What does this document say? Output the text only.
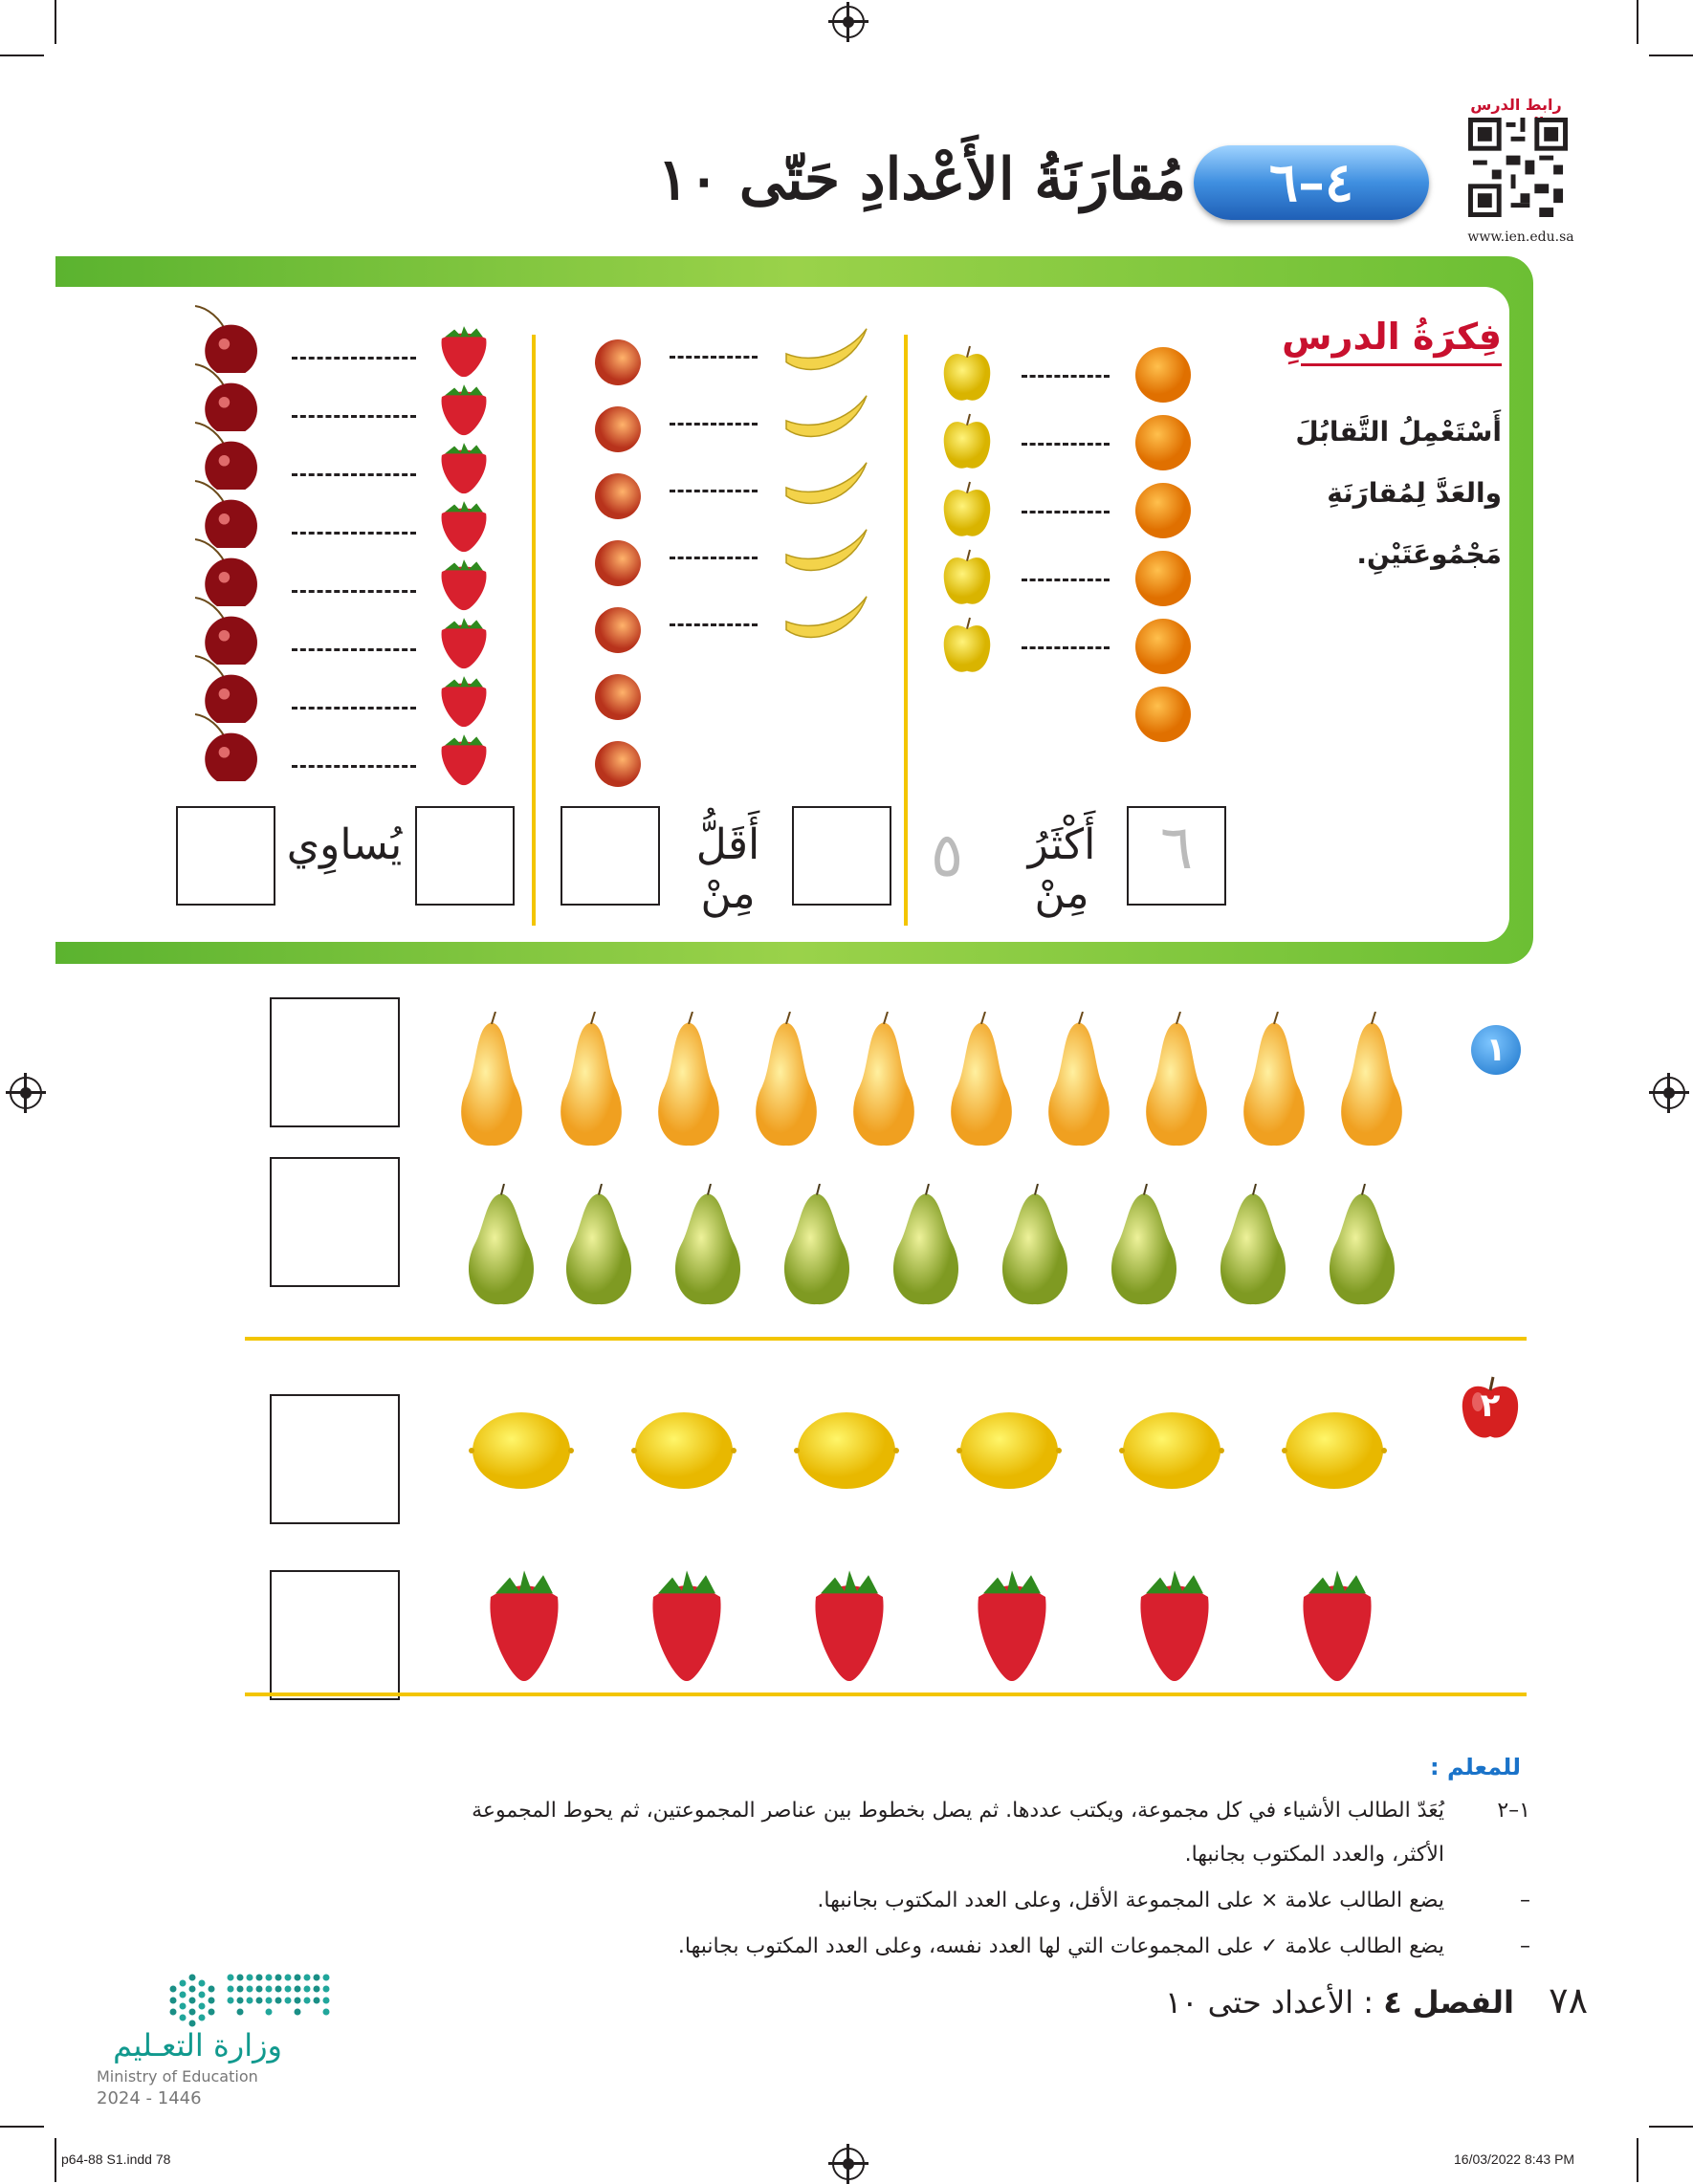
مُقارَنَةُ الأَعْدادِ حَتّى ١٠	٤–٦
رابط الدرس
www.ien.edu.sa
فِكرَةُ الدرسِ
أَسْتَعْمِلُ التَّقابُلَ
والعَدَّ لِمُقارَنَةِ
مَجْمُوعَتَيْنِ.
٦
أَكْثَرُ مِنْ
٥
أَقَلُّ مِنْ
يُساوِي
١
٢
للمعلم :
١–٢
يُعَدّ الطالب الأشياء في كل مجموعة، ويكتب عددها. ثم يصل بخطوط بين عناصر المجموعتين، ثم يحوط المجموعة
الأكثر، والعدد المكتوب بجانبها.
–
يضع الطالب علامة × على المجموعة الأقل، وعلى العدد المكتوب بجانبها.
–
يضع الطالب علامة ✓ على المجموعات التي لها العدد نفسه، وعلى العدد المكتوب بجانبها.
وزارة التعـليم
Ministry of Education
2024 - 1446
٧٨ الفصل ٤ : الأعداد حتى ١٠
p64-88 S1.indd 78	16/03/2022 8:43 PM
